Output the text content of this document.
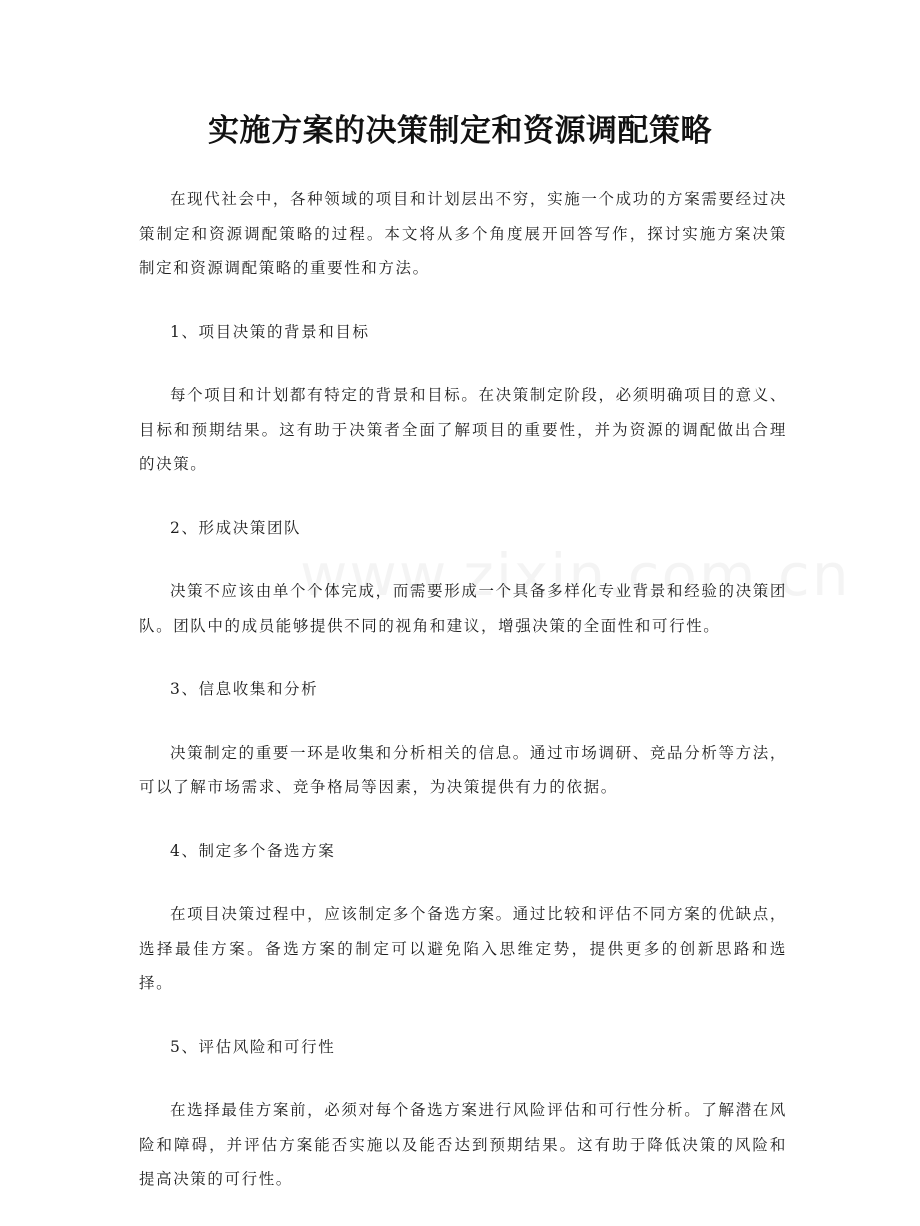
实施方案的决策制定和资源调配策略

在现代社会中，各种领域的项目和计划层出不穷，实施一个成功的方案需要经过决策制定和资源调配策略的过程。本文将从多个角度展开回答写作，探讨实施方案决策制定和资源调配策略的重要性和方法。

1、项目决策的背景和目标

每个项目和计划都有特定的背景和目标。在决策制定阶段，必须明确项目的意义、目标和预期结果。这有助于决策者全面了解项目的重要性，并为资源的调配做出合理的决策。

2、形成决策团队

决策不应该由单个个体完成，而需要形成一个具备多样化专业背景和经验的决策团队。团队中的成员能够提供不同的视角和建议，增强决策的全面性和可行性。

3、信息收集和分析

决策制定的重要一环是收集和分析相关的信息。通过市场调研、竞品分析等方法，可以了解市场需求、竞争格局等因素，为决策提供有力的依据。

4、制定多个备选方案

在项目决策过程中，应该制定多个备选方案。通过比较和评估不同方案的优缺点，选择最佳方案。备选方案的制定可以避免陷入思维定势，提供更多的创新思路和选择。

5、评估风险和可行性

在选择最佳方案前，必须对每个备选方案进行风险评估和可行性分析。了解潜在风险和障碍，并评估方案能否实施以及能否达到预期结果。这有助于降低决策的风险和提高决策的可行性。
